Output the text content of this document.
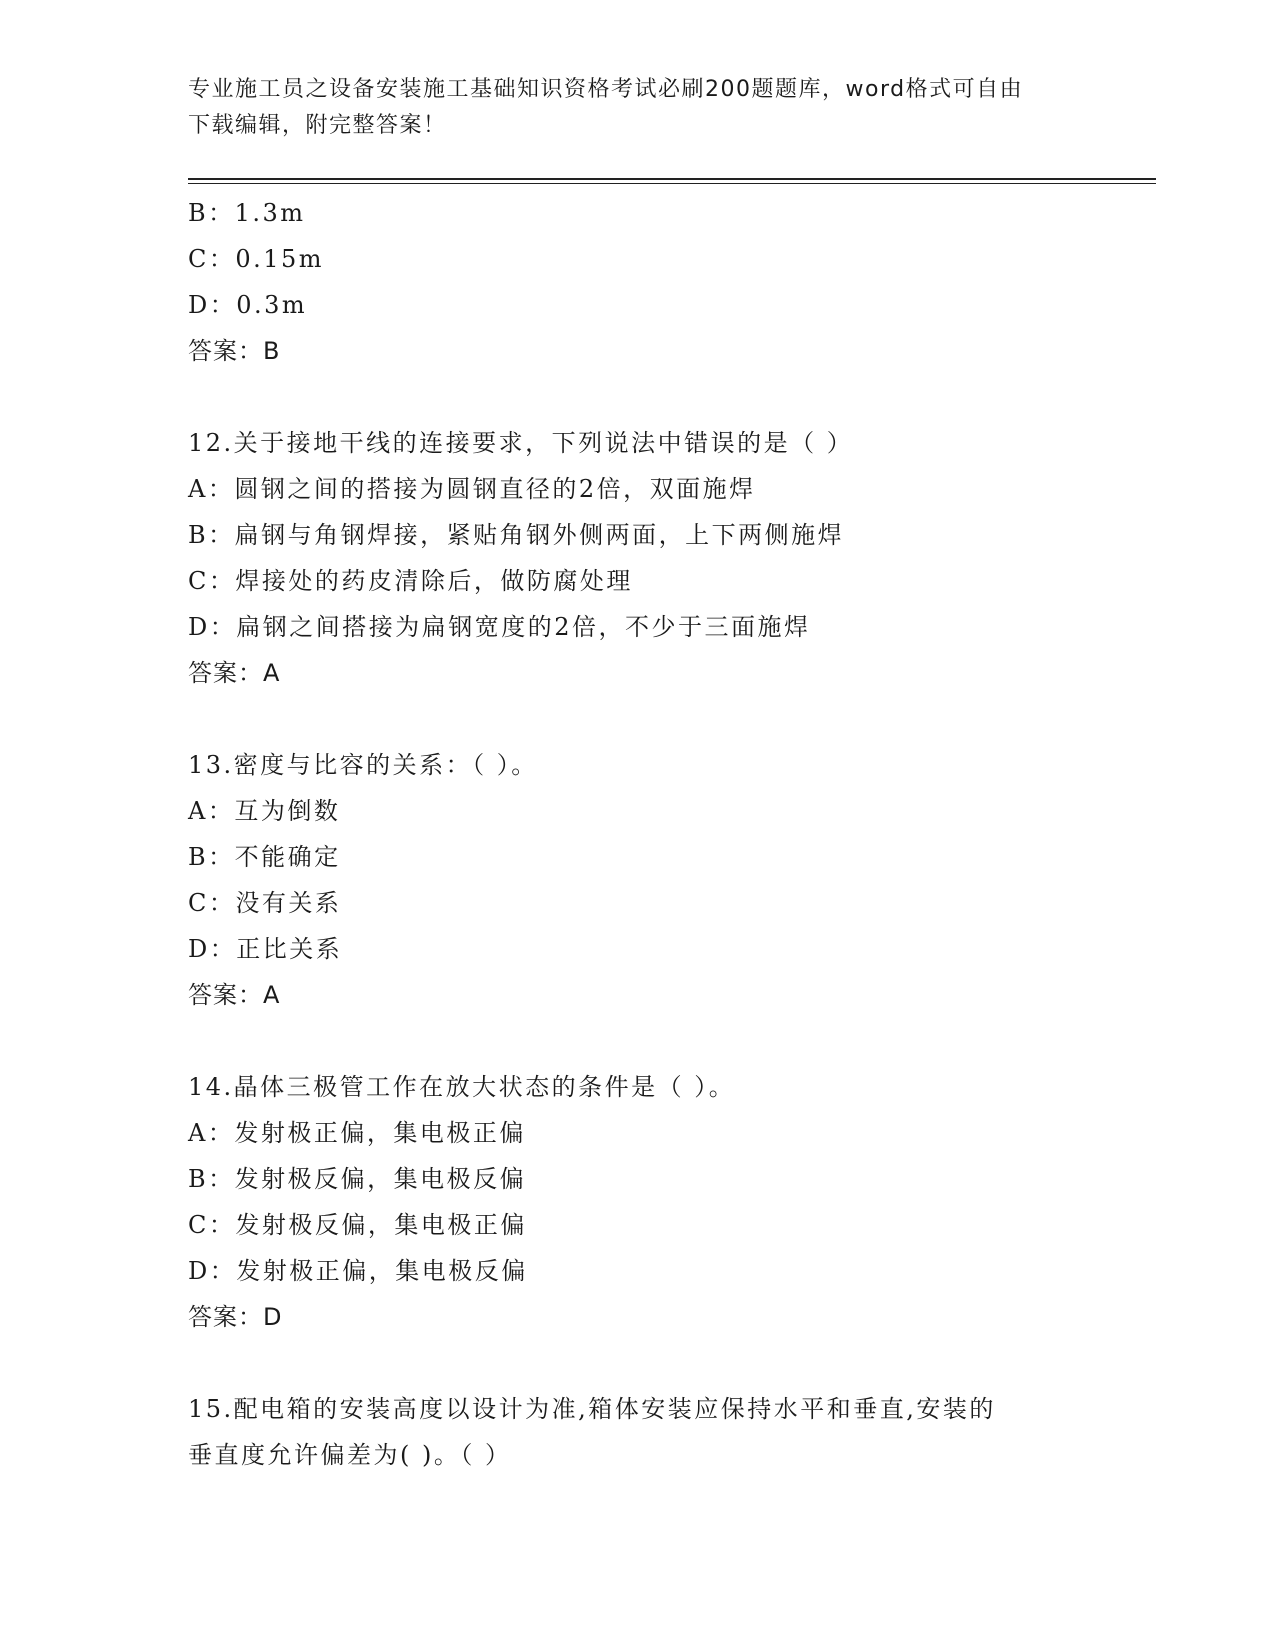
专业施工员之设备安装施工基础知识资格考试必刷200题题库，word格式可自由
下载编辑，附完整答案！
B：1.3m
C：0.15m
D：0.3m
答案：B
12.关于接地干线的连接要求，下列说法中错误的是（ ）
A：圆钢之间的搭接为圆钢直径的2倍，双面施焊
B：扁钢与角钢焊接，紧贴角钢外侧两面，上下两侧施焊
C：焊接处的药皮清除后，做防腐处理
D：扁钢之间搭接为扁钢宽度的2倍，不少于三面施焊
答案：A
13.密度与比容的关系：（ ）。
A：互为倒数
B：不能确定
C：没有关系
D：正比关系
答案：A
14.晶体三极管工作在放大状态的条件是（ ）。
A：发射极正偏，集电极正偏
B：发射极反偏，集电极反偏
C：发射极反偏，集电极正偏
D：发射极正偏，集电极反偏
答案：D
15.配电箱的安装高度以设计为准,箱体安装应保持水平和垂直,安装的
垂直度允许偏差为( )。（ ）
